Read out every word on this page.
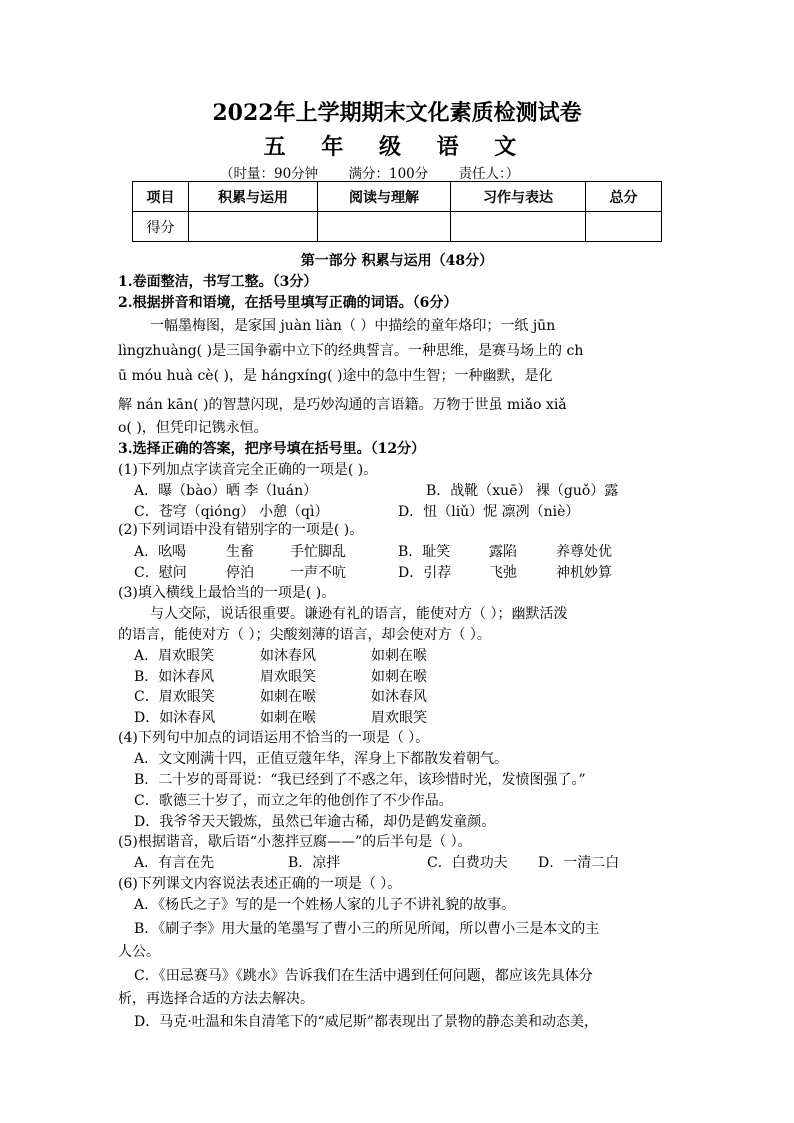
2022年上学期期末文化素质检测试卷
五 年 级 语 文
（时量：90分钟 满分：100分 责任人：）
项目	积累与运用	阅读与理解	习作与表达	总分
得分				
第一部分 积累与运用（48分）
1.卷面整洁，书写工整。（3分）
2.根据拼音和语境，在括号里填写正确的词语。（6分）
一幅墨梅图，是家国 juàn liàn（ ）中描绘的童年烙印；一纸 jūn
lìngzhuàng( )是三国争霸中立下的经典誓言。一种思维，是赛马场上的 ch
ū móu huà cè( )，是 hángxíng( )途中的急中生智；一种幽默，是化
解 nán kān( )的智慧闪现，是巧妙沟通的言语籍。万物于世虽 miǎo xiǎ
o( )，但凭印记镌永恒。
3.选择正确的答案，把序号填在括号里。（12分）
(1)下列加点字读音完全正确的一项是( )。
A．曝（bào）晒 李（luán）	B．战靴（xuē） 裸（guǒ）露
C．苍穹（qióng） 小憩（qì）	D．忸（liǔ）怩 凛冽（niè）
(2)下列词语中没有错别字的一项是( )。
A．吆喝	生畜	手忙脚乱	B．耻笑	露陷	养尊处优
C．慰问	停泊	一声不吭	D．引荐	飞弛	神机妙算
(3)填入横线上最恰当的一项是( )。
与人交际，说话很重要。谦逊有礼的语言，能使对方（ ）；幽默活泼
的语言，能使对方（ ）；尖酸刻薄的语言，却会使对方（ ）。
A．眉欢眼笑	如沐春风	如刺在喉
B．如沐春风	眉欢眼笑	如刺在喉
C．眉欢眼笑	如刺在喉	如沐春风
D．如沐春风	如刺在喉	眉欢眼笑
(4)下列句中加点的词语运用不恰当的一项是（ ）。
A．文文刚满十四，正值豆蔻年华，浑身上下都散发着朝气。
B．二十岁的哥哥说：“我已经到了不惑之年，该珍惜时光，发愤图强了。”
C．歌德三十岁了，而立之年的他创作了不少作品。
D．我爷爷天天锻炼，虽然已年逾古稀，却仍是鹤发童颜。
(5)根据谐音，歇后语“小葱拌豆腐——”的后半句是（ ）。
A．有言在先	B．凉拌	C．白费功夫 D．一清二白
(6)下列课文内容说法表述正确的一项是（ ）。
A．《杨氏之子》写的是一个姓杨人家的儿子不讲礼貌的故事。
B．《刷子李》用大量的笔墨写了曹小三的所见所闻，所以曹小三是本文的主
人公。
C．《田忌赛马》《跳水》告诉我们在生活中遇到任何问题，都应该先具体分
析，再选择合适的方法去解决。
D．马克·吐温和朱自清笔下的“威尼斯”都表现出了景物的静态美和动态美，
